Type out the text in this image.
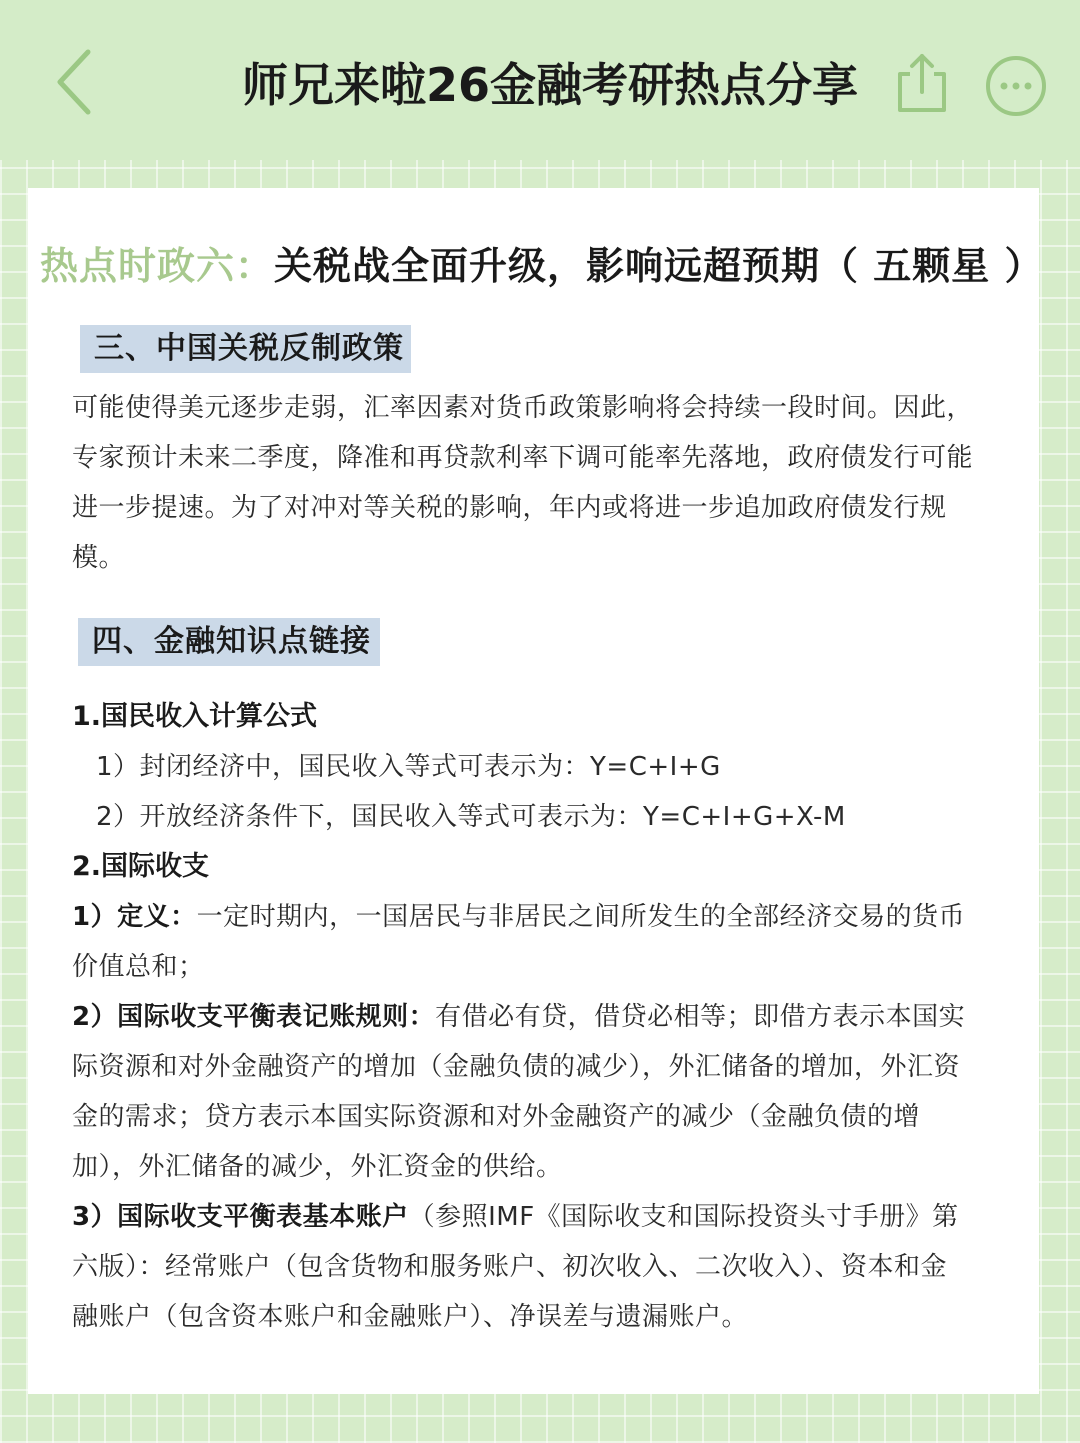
师兄来啦26金融考研热点分享
热点时政六：关税战全面升级，影响远超预期（ 五颗星 ）
三、中国关税反制政策
可能使得美元逐步走弱，汇率因素对货币政策影响将会持续一段时间。因此，
专家预计未来二季度，降准和再贷款利率下调可能率先落地，政府债发行可能
进一步提速。为了对冲对等关税的影响，年内或将进一步追加政府债发行规
模。
四、金融知识点链接
1.国民收入计算公式
1）封闭经济中，国民收入等式可表示为：Y=C+I+G
2）开放经济条件下，国民收入等式可表示为：Y=C+I+G+X-M
2.国际收支
1）定义：一定时期内，一国居民与非居民之间所发生的全部经济交易的货币
价值总和；
2）国际收支平衡表记账规则：有借必有贷，借贷必相等；即借方表示本国实
际资源和对外金融资产的增加（金融负债的减少），外汇储备的增加，外汇资
金的需求；贷方表示本国实际资源和对外金融资产的减少（金融负债的增
加），外汇储备的减少，外汇资金的供给。
3）国际收支平衡表基本账户（参照IMF《国际收支和国际投资头寸手册》第
六版）：经常账户（包含货物和服务账户、初次收入、二次收入）、资本和金
融账户（包含资本账户和金融账户）、净误差与遗漏账户。
